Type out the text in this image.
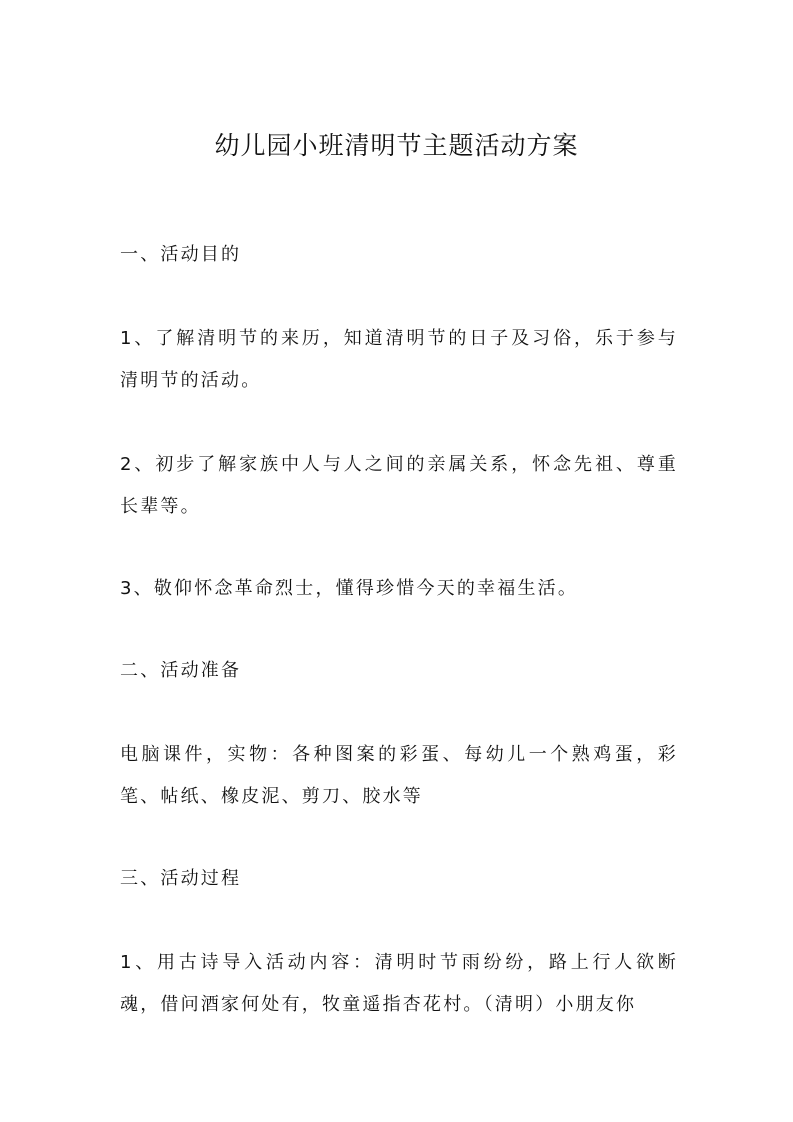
幼儿园小班清明节主题活动方案

一、活动目的

1、了解清明节的来历，知道清明节的日子及习俗，乐于参与清明节的活动。

2、初步了解家族中人与人之间的亲属关系，怀念先祖、尊重长辈等。

3、敬仰怀念革命烈士，懂得珍惜今天的幸福生活。

二、活动准备

电脑课件，实物：各种图案的彩蛋、每幼儿一个熟鸡蛋，彩笔、帖纸、橡皮泥、剪刀、胶水等

三、活动过程

1、用古诗导入活动内容：清明时节雨纷纷，路上行人欲断魂，借问酒家何处有，牧童遥指杏花村。（清明）小朋友你
